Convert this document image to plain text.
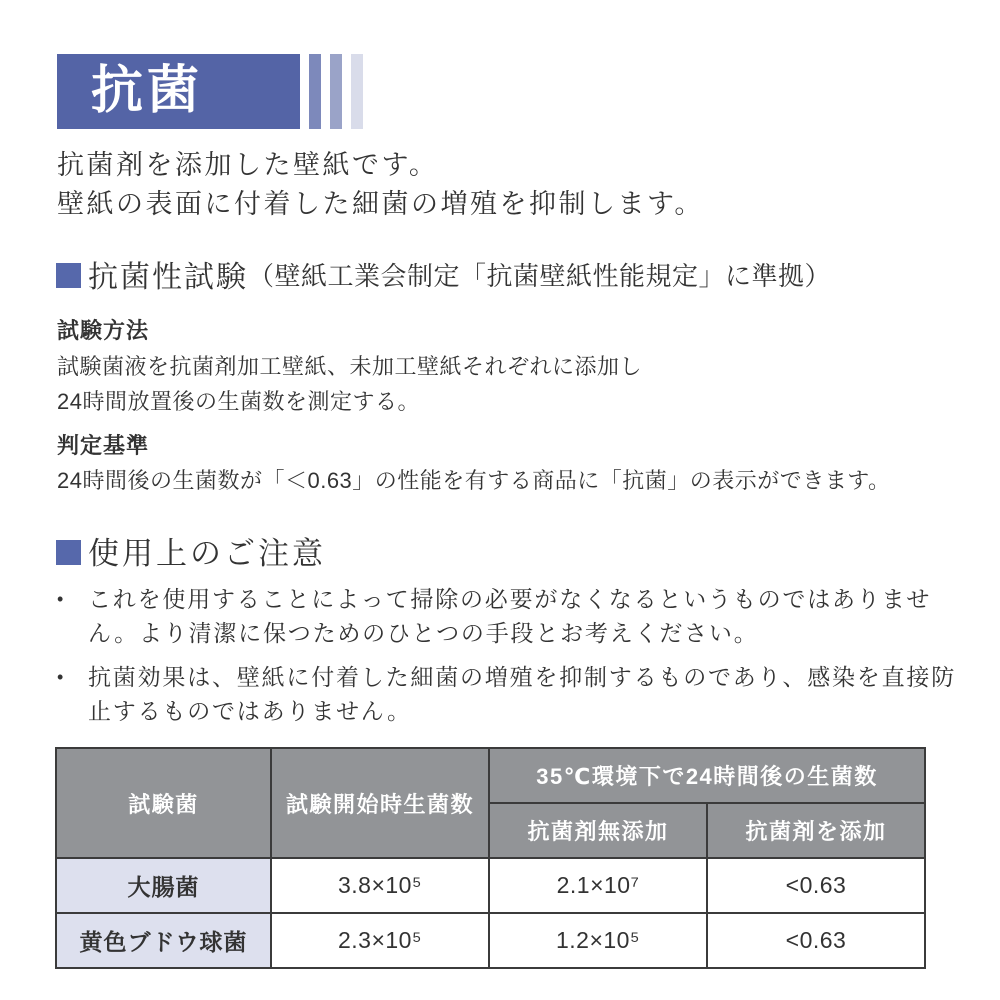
抗菌
抗菌剤を添加した壁紙です。
壁紙の表面に付着した細菌の増殖を抑制します。
抗菌性試験 （壁紙工業会制定「抗菌壁紙性能規定」に準拠）
試験方法
試験菌液を抗菌剤加工壁紙、未加工壁紙それぞれに添加し
24時間放置後の生菌数を測定する。
判定基準
24時間後の生菌数が「＜0.63」の性能を有する商品に「抗菌」の表示ができます。
使用上のご注意
•	これを使用することによって掃除の必要がなくなるというものではありません。より清潔に保つためのひとつの手段とお考えください。
•	抗菌効果は、壁紙に付着した細菌の増殖を抑制するものであり、感染を直接防止するものではありません。
試験菌	試験開始時生菌数	35℃環境下で24時間後の生菌数	
		抗菌剤無添加	抗菌剤を添加
大腸菌	3.8×10⁵	2.1×10⁷	<0.63
黄色ブドウ球菌	2.3×10⁵	1.2×10⁵	<0.63
